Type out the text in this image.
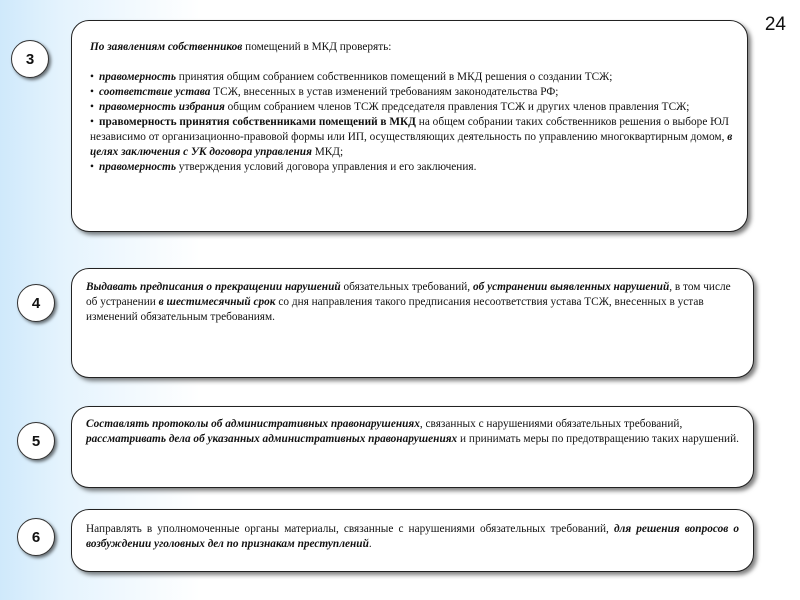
24
3

По заявлениям собственников помещений в МКД проверять:

• правомерность принятия общим собранием собственников помещений в МКД решения о создании ТСЖ;

• соответствие устава ТСЖ, внесенных в устав изменений требованиям законодательства РФ;

• правомерность избрания общим собранием членов ТСЖ председателя правления ТСЖ и других членов правления ТСЖ;

• правомерность принятия собственниками помещений в МКД на общем собрании таких собственников решения о выборе ЮЛ независимо от организационно-правовой формы или ИП, осуществляющих деятельность по управлению многоквартирным домом, в целях заключения с УК договора управления МКД;

• правомерность утверждения условий договора управления и его заключения.

4

Выдавать предписания о прекращении нарушений обязательных требований, об устранении выявленных нарушений, в том числе об устранении в шестимесячный срок со дня направления такого предписания несоответствия устава ТСЖ, внесенных в устав изменений обязательным требованиям.

5

Составлять протоколы об административных правонарушениях, связанных с нарушениями обязательных требований, рассматривать дела об указанных административных правонарушениях и принимать меры по предотвращению таких нарушений.

6	Направлять в уполномоченные органы материалы, связанные с нарушениями обязательных требований, для решения вопросов о возбуждении уголовных дел по признакам преступлений.
